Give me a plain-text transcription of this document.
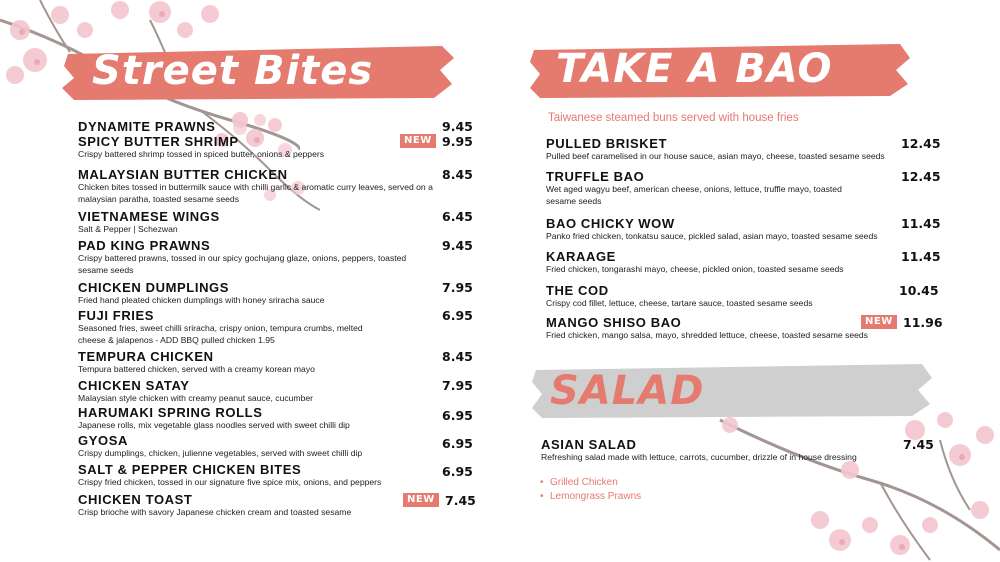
Street Bites	TAKE A BAO
Taiwanese steamed buns served with house fries
SALAD
DYNAMITE PRAWNS	9.45
SPICY BUTTER SHRIMP
Crispy battered shrimp tossed in spiced butter, onions & peppers
NEW 9.95
MALAYSIAN BUTTER CHICKEN
Chicken bites tossed in buttermilk sauce with chilli garlic & aromatic curry leaves, served on a malaysian paratha, toasted sesame seeds
8.45
VIETNAMESE WINGS
Salt & Pepper | Schezwan
6.45
PAD KING PRAWNS
Crispy battered prawns, tossed in our spicy gochujang glaze, onions, peppers, toasted sesame seeds
9.45
CHICKEN DUMPLINGS
Fried hand pleated chicken dumplings with honey sriracha sauce
7.95
FUJI FRIES
Seasoned fries, sweet chilli sriracha, crispy onion, tempura crumbs, melted cheese & jalapenos - ADD BBQ pulled chicken 1.95
6.95
TEMPURA CHICKEN
Tempura battered chicken, served with a creamy korean mayo
8.45
CHICKEN SATAY
Malaysian style chicken with creamy peanut sauce, cucumber
7.95
HARUMAKI SPRING ROLLS
Japanese rolls, mix vegetable glass noodles served with sweet chilli dip
6.95
GYOSA
Crispy dumplings, chicken, julienne vegetables, served with sweet chilli dip
6.95
SALT & PEPPER CHICKEN BITES
Crispy fried chicken, tossed in our signature five spice mix, onions, and peppers
6.95
CHICKEN TOAST
Crisp brioche with savory Japanese chicken cream and toasted sesame
NEW 7.45
PULLED BRISKET
Pulled beef caramelised in our house sauce, asian mayo, cheese, toasted sesame seeds
12.45
TRUFFLE BAO
Wet aged wagyu beef, american cheese, onions, lettuce, truffle mayo, toasted sesame seeds
12.45
BAO CHICKY WOW
Panko fried chicken, tonkatsu sauce, pickled salad, asian mayo, toasted sesame seeds
11.45
KARAAGE
Fried chicken, tongarashi mayo, cheese, pickled onion, toasted sesame seeds
11.45
THE COD
Crispy cod fillet, lettuce, cheese, tartare sauce, toasted sesame seeds
10.45
MANGO SHISO BAO
Fried chicken, mango salsa, mayo, shredded lettuce, cheese, toasted sesame seeds
NEW 11.96
ASIAN SALAD
Refreshing salad made with lettuce, carrots, cucumber, drizzle of in house dressing
7.45
• Grilled Chicken
• Lemongrass Prawns
